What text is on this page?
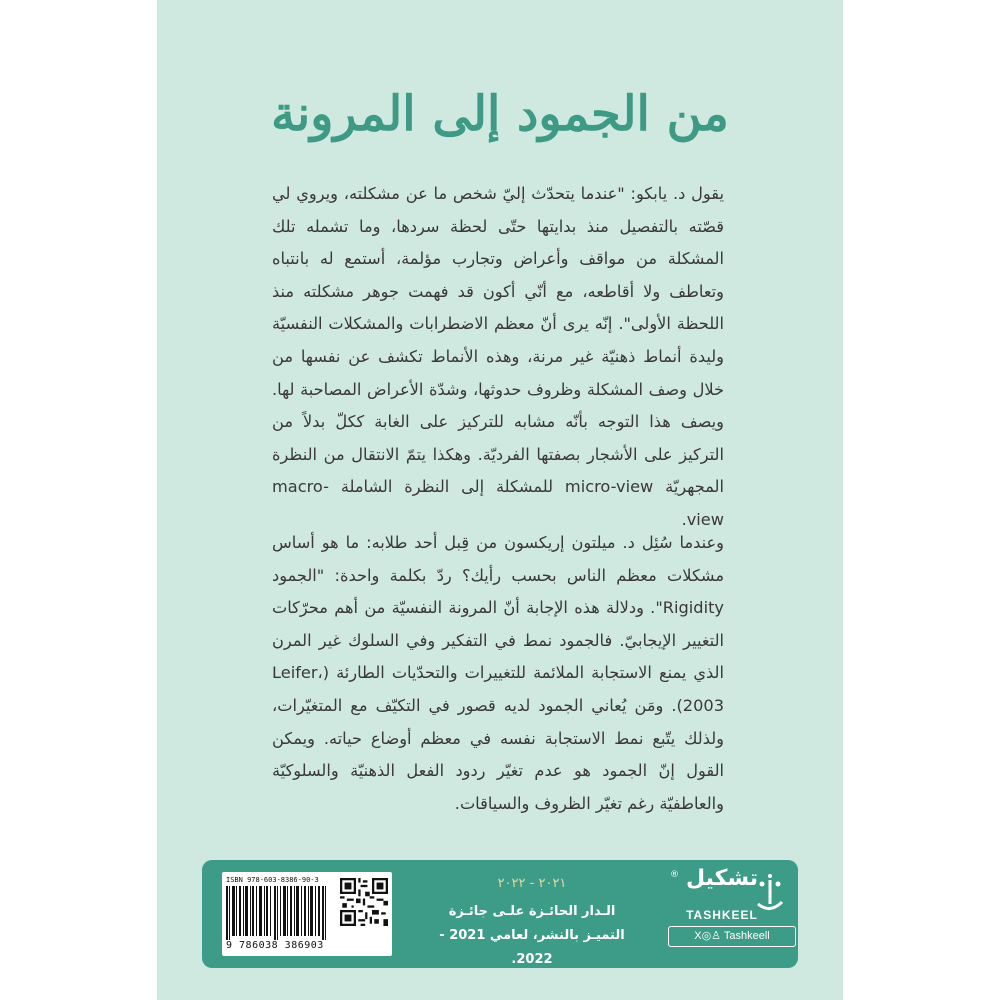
من الجمود إلى المرونة
يقول د. يابكو: "عندما يتحدّث إليّ شخص ما عن مشكلته، ويروي لي قصّته بالتفصيل منذ بدايتها حتّى لحظة سردها، وما تشمله تلك المشكلة من مواقف وأعراض وتجارب مؤلمة، أستمع له بانتباه وتعاطف ولا أقاطعه، مع أنّي أكون قد فهمت جوهر مشكلته منذ اللحظة الأولى". إنّه يرى أنّ معظم الاضطرابات والمشكلات النفسيّة وليدة أنماط ذهنيّة غير مرنة، وهذه الأنماط تكشف عن نفسها من خلال وصف المشكلة وظروف حدوثها، وشدّة الأعراض المصاحبة لها. ويصف هذا التوجه بأنّه مشابه للتركيز على الغابة ككلّ بدلاً من التركيز على الأشجار بصفتها الفرديّة. وهكذا يتمّ الانتقال من النظرة المجهريّة micro-view للمشكلة إلى النظرة الشاملة macro-view.
وعندما سُئِل د. ميلتون إريكسون من قِبل أحد طلابه: ما هو أساس مشكلات معظم الناس بحسب رأيك؟ ردّ بكلمة واحدة: "الجمود Rigidity". ودلالة هذه الإجابة أنّ المرونة النفسيّة من أهم محرّكات التغيير الإيجابيّ. فالجمود نمط في التفكير وفي السلوك غير المرن الذي يمنع الاستجابة الملائمة للتغييرات والتحدّيات الطارئة (Leifer، 2003). ومَن يُعاني الجمود لديه قصور في التكيّف مع المتغيّرات، ولذلك يتّبع نمط الاستجابة نفسه في معظم أوضاع حياته. ويمكن القول إنّ الجمود هو عدم تغيّر ردود الفعل الذهنيّة والسلوكيّة والعاطفيّة رغم تغيّر الظروف والسياقات.
ISBN 978-603-8386-90-3
9 786038 386903
٢٠٢١ - ٢٠٢٢
الـدار الحائـزة علـى جائـزة التميـز بالنشر، لعامي 2021 - 2022.
® تشكيل
TASHKEEL
X◎♙ Tashkeell
